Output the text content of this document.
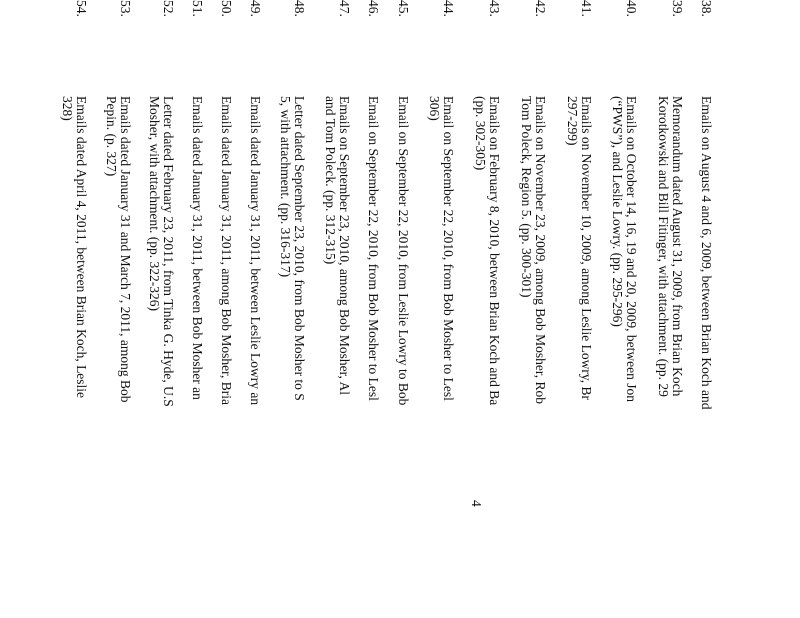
38.
Emails on August 4 and 6, 2009, between Brian Koch and
39.
Memorandum dated August 31, 2009, from Brian Koch
Korotkowski and Bill Fitinger, with attachment. (pp. 29
40.
Emails on October 14, 16, 19 and 20, 2009, between Jon
(“PWS”), and Leslie Lowry. (pp. 295-296)
41.
Emails on November 10, 2009, among Leslie Lowry, Br
297-299)
42.
Emails on November 23, 2009, among Bob Mosher, Rob
Tom Poleck, Region 5. (pp. 300-301)
43.
Emails on February 8, 2010, between Brian Koch and Ba
(pp. 302-305)
44.
Email on September 22, 2010, from Bob Mosher to Lesl
306)
45.
Email on September 22, 2010, from Leslie Lowry to Bob
46.
Email on September 22, 2010, from Bob Mosher to Lesl
47.
Emails on September 23, 2010, among Bob Mosher, Al
and Tom Poleck. (pp. 312-315)
48.
Letter dated September 23, 2010, from Bob Mosher to S
5, with attachment. (pp. 316-317)
49.
Emails dated January 31, 2011, between Leslie Lowry an
50.
Emails dated January 31, 2011, among Bob Mosher, Bria
51.
Emails dated January 31, 2011, between Bob Mosher an
52.
Letter dated February 23, 2011, from Tinka G. Hyde, U.S
Mosher, with attachment. (pp. 322-326)
53.
Emails dated January 31 and March 7, 2011, among Bob
Pepin. (p. 327)
54.
Emails dated April 4, 2011, between Brian Koch, Leslie
328)
4
